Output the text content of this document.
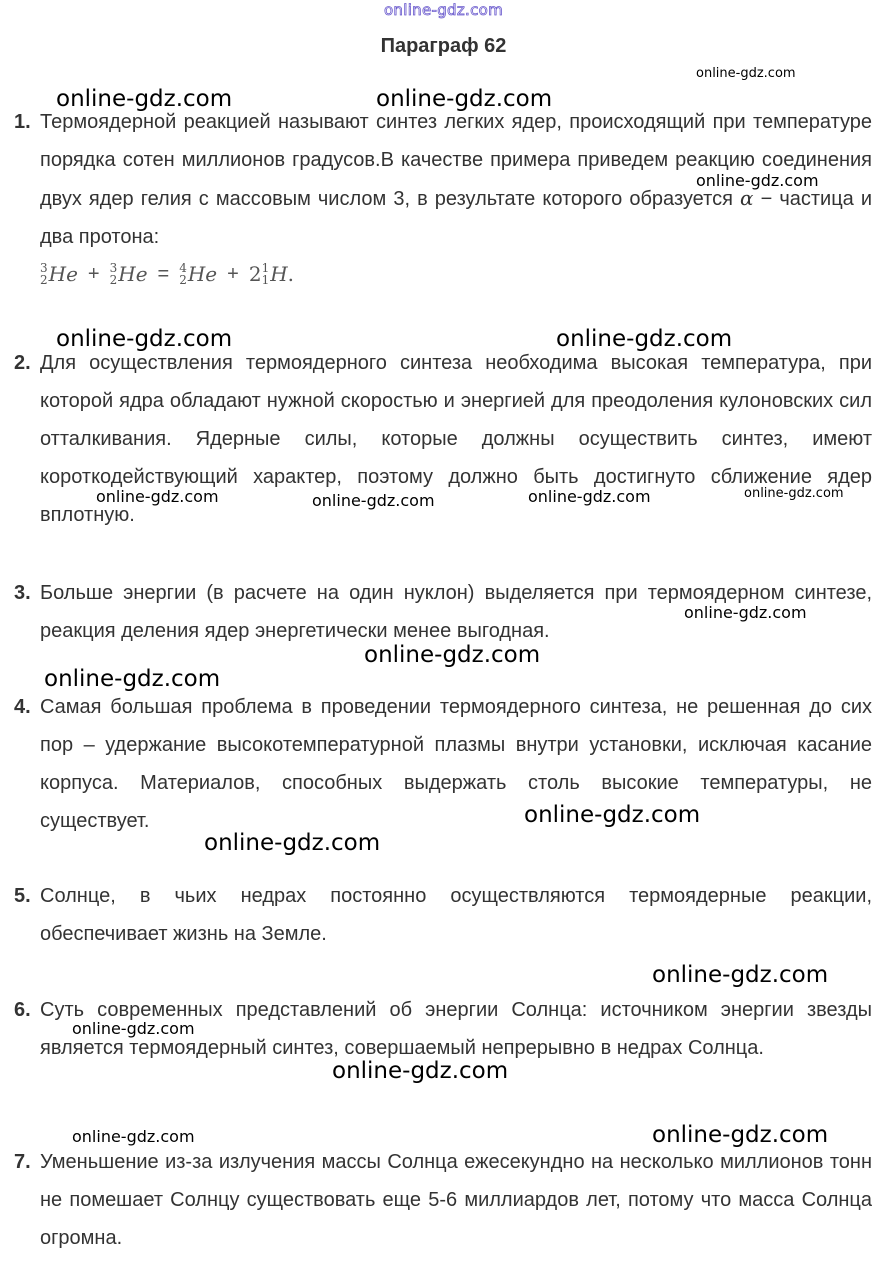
online-gdz.com
Параграф 62
1. Термоядерной реакцией называют синтез легких ядер, происходящий при температуре порядка сотен миллионов градусов.В качестве примера приведем реакцию соединения двух ядер гелия с массовым числом 3, в результате которого образуется α − частица и два протона:
3
2 He + 3
2 He = 4
2 He + 2 1
1 H .
2. Для осуществления термоядерного синтеза необходима высокая температура, при которой ядра обладают нужной скоростью и энергией для преодоления кулоновских сил отталкивания. Ядерные силы, которые должны осуществить синтез, имеют короткодействующий характер, поэтому должно быть достигнуто сближение ядер вплотную.
3. Больше энергии (в расчете на один нуклон) выделяется при термоядерном синтезе, реакция деления ядер энергетически менее выгодная.
4. Самая большая проблема в проведении термоядерного синтеза, не решенная до сих пор – удержание высокотемпературной плазмы внутри установки, исключая касание корпуса. Материалов, способных выдержать столь высокие температуры, не существует.
5. Солнце, в чьих недрах постоянно осуществляются термоядерные реакции, обеспечивает жизнь на Земле.
6. Суть современных представлений об энергии Солнца: источником энергии звезды является термоядерный синтез, совершаемый непрерывно в недрах Солнца.
7. Уменьшение из-за излучения массы Солнца ежесекундно на несколько миллионов тонн не помешает Солнцу существовать еще 5-6 миллиардов лет, потому что масса Солнца огромна.
online-gdz.com
online-gdz.com	online-gdz.com
online-gdz.com
online-gdz.com	online-gdz.com
online-gdz.com	online-gdz.com	online-gdz.com	online-gdz.com
online-gdz.com
online-gdz.com
online-gdz.com
online-gdz.com
online-gdz.com
online-gdz.com
online-gdz.com
online-gdz.com
online-gdz.com	online-gdz.com
